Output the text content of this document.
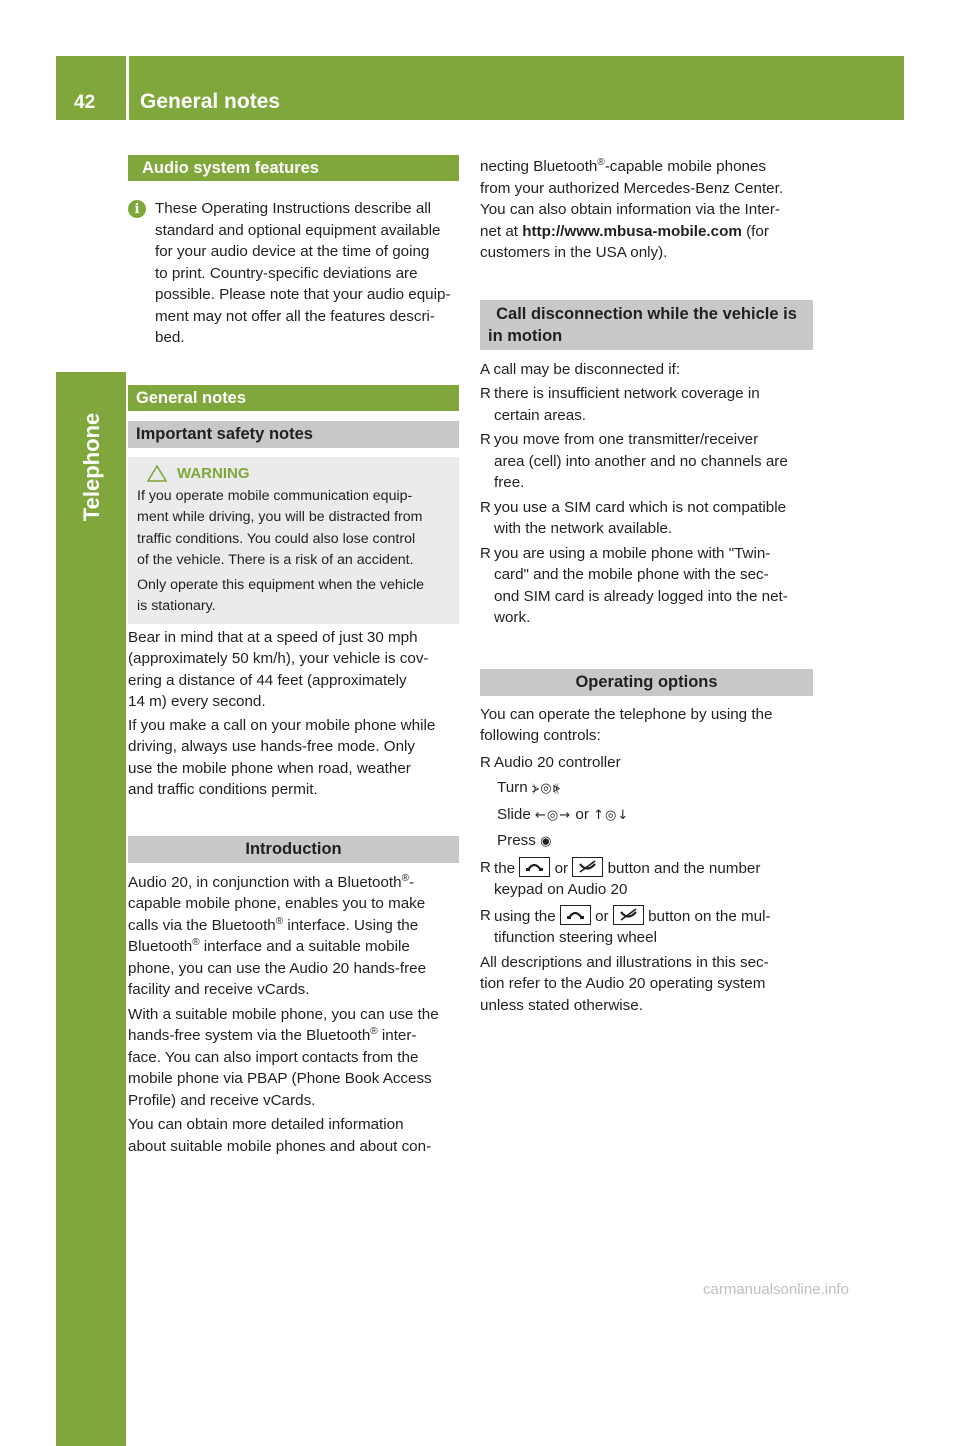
42 General notes
Telephone
Audio system features
i	These Operating Instructions describe all

standard and optional equipment available

for your audio device at the time of going

to print. Country-specific deviations are

possible. Please note that your audio equip-

ment may not offer all the features descri-

bed.

General notes
Important safety notes
WARNING

If you operate mobile communication equip-

ment while driving, you will be distracted from

traffic conditions. You could also lose control

of the vehicle. There is a risk of an accident.

Only operate this equipment when the vehicle

is stationary.

Bear in mind that at a speed of just 30 mph

(approximately 50 km/h), your vehicle is cov-

ering a distance of 44 feet (approximately

14 m) every second.

If you make a call on your mobile phone while

driving, always use hands-free mode. Only

use the mobile phone when road, weather

and traffic conditions permit.

Introduction

Audio 20, in conjunction with a Bluetooth®-

capable mobile phone, enables you to make

calls via the Bluetooth® interface. Using the

Bluetooth® interface and a suitable mobile

phone, you can use the Audio 20 hands-free

facility and receive vCards.

With a suitable mobile phone, you can use the

hands-free system via the Bluetooth® inter-

face. You can also import contacts from the

mobile phone via PBAP (Phone Book Access

Profile) and receive vCards.

You can obtain more detailed information

about suitable mobile phones and about con-

necting Bluetooth®-capable mobile phones

from your authorized Mercedes-Benz Center.

You can also obtain information via the Inter-

net at http://www.mbusa-mobile.com (for

customers in the USA only).

Call disconnection while the vehicle is
in motion

A call may be disconnected if:

R there is insufficient network coverage in

certain areas.

R you move from one transmitter/receiver

area (cell) into another and no channels are

free.

R you use a SIM card which is not compatible

with the network available.

R you are using a mobile phone with "Twin-

card" and the mobile phone with the sec-

ond SIM card is already logged into the net-

work.

Operating options

You can operate the telephone by using the

following controls:

R Audio 20 controller

Turn ⦔◎⦕

Slide ←◎→ or ↑◎↓

Press ◉

R the	or	button and the number

keypad on Audio 20

R using the	or	button on the mul-

tifunction steering wheel

All descriptions and illustrations in this sec-

tion refer to the Audio 20 operating system

unless stated otherwise.

carmanualsonline.info
